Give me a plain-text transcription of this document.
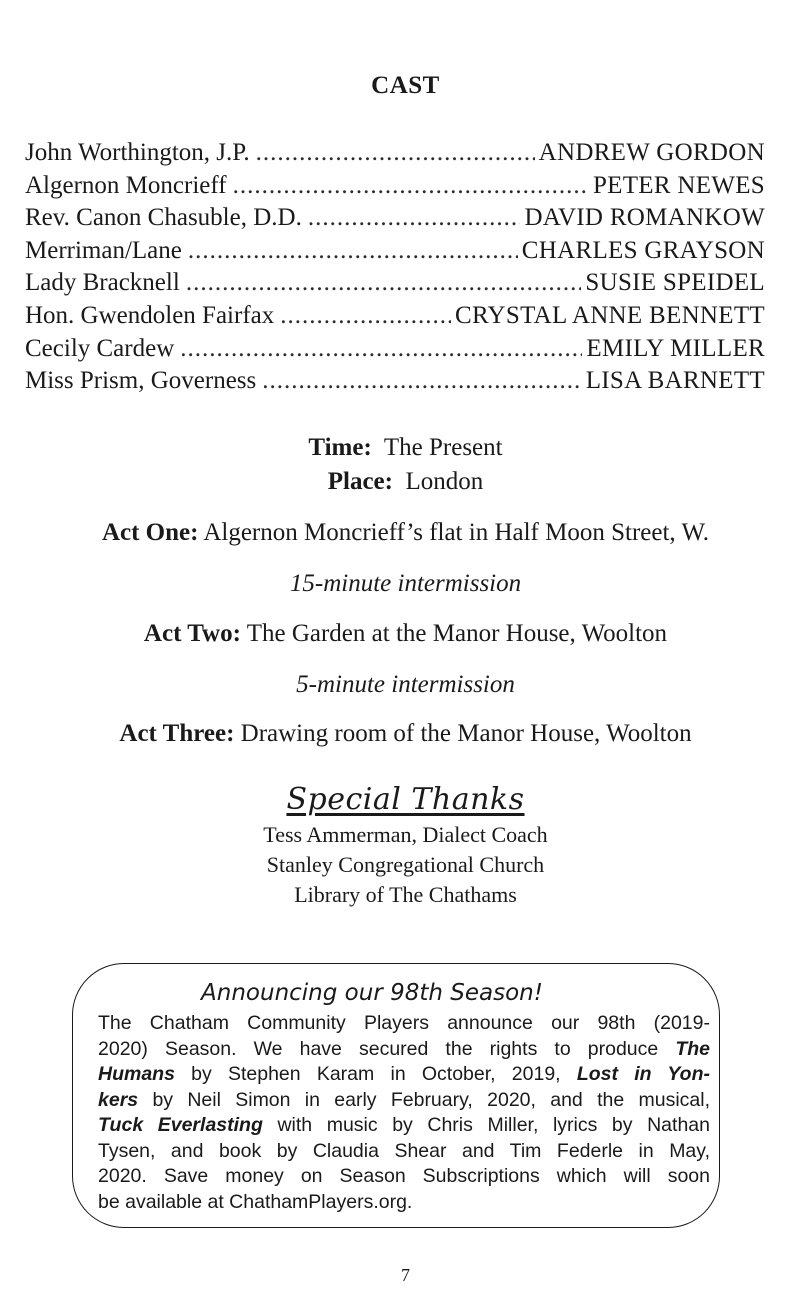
CAST
John Worthington, J.P. .....	ANDREW GORDON
Algernon Moncrieff .....	PETER NEWES
Rev. Canon Chasuble, D.D. .....	DAVID ROMANKOW
Merriman/Lane .....	CHARLES GRAYSON
Lady Bracknell .....	SUSIE SPEIDEL
Hon. Gwendolen Fairfax .....	CRYSTAL ANNE BENNETT
Cecily Cardew .....	EMILY MILLER
Miss Prism, Governess .....	LISA BARNETT
Time: The Present
Place: London
Act One: Algernon Moncrieff’s flat in Half Moon Street, W.
15-minute intermission
Act Two: The Garden at the Manor House, Woolton
5-minute intermission
Act Three: Drawing room of the Manor House, Woolton
Special Thanks
Tess Ammerman, Dialect Coach
Stanley Congregational Church
Library of The Chathams
Announcing our 98th Season!
The Chatham Community Players announce our 98th (2019-
2020) Season. We have secured the rights to produce The
Humans by Stephen Karam in October, 2019, Lost in Yon-
kers by Neil Simon in early February, 2020, and the musical,
Tuck Everlasting with music by Chris Miller, lyrics by Nathan
Tysen, and book by Claudia Shear and Tim Federle in May,
2020. Save money on Season Subscriptions which will soon
be available at ChathamPlayers.org.
7
